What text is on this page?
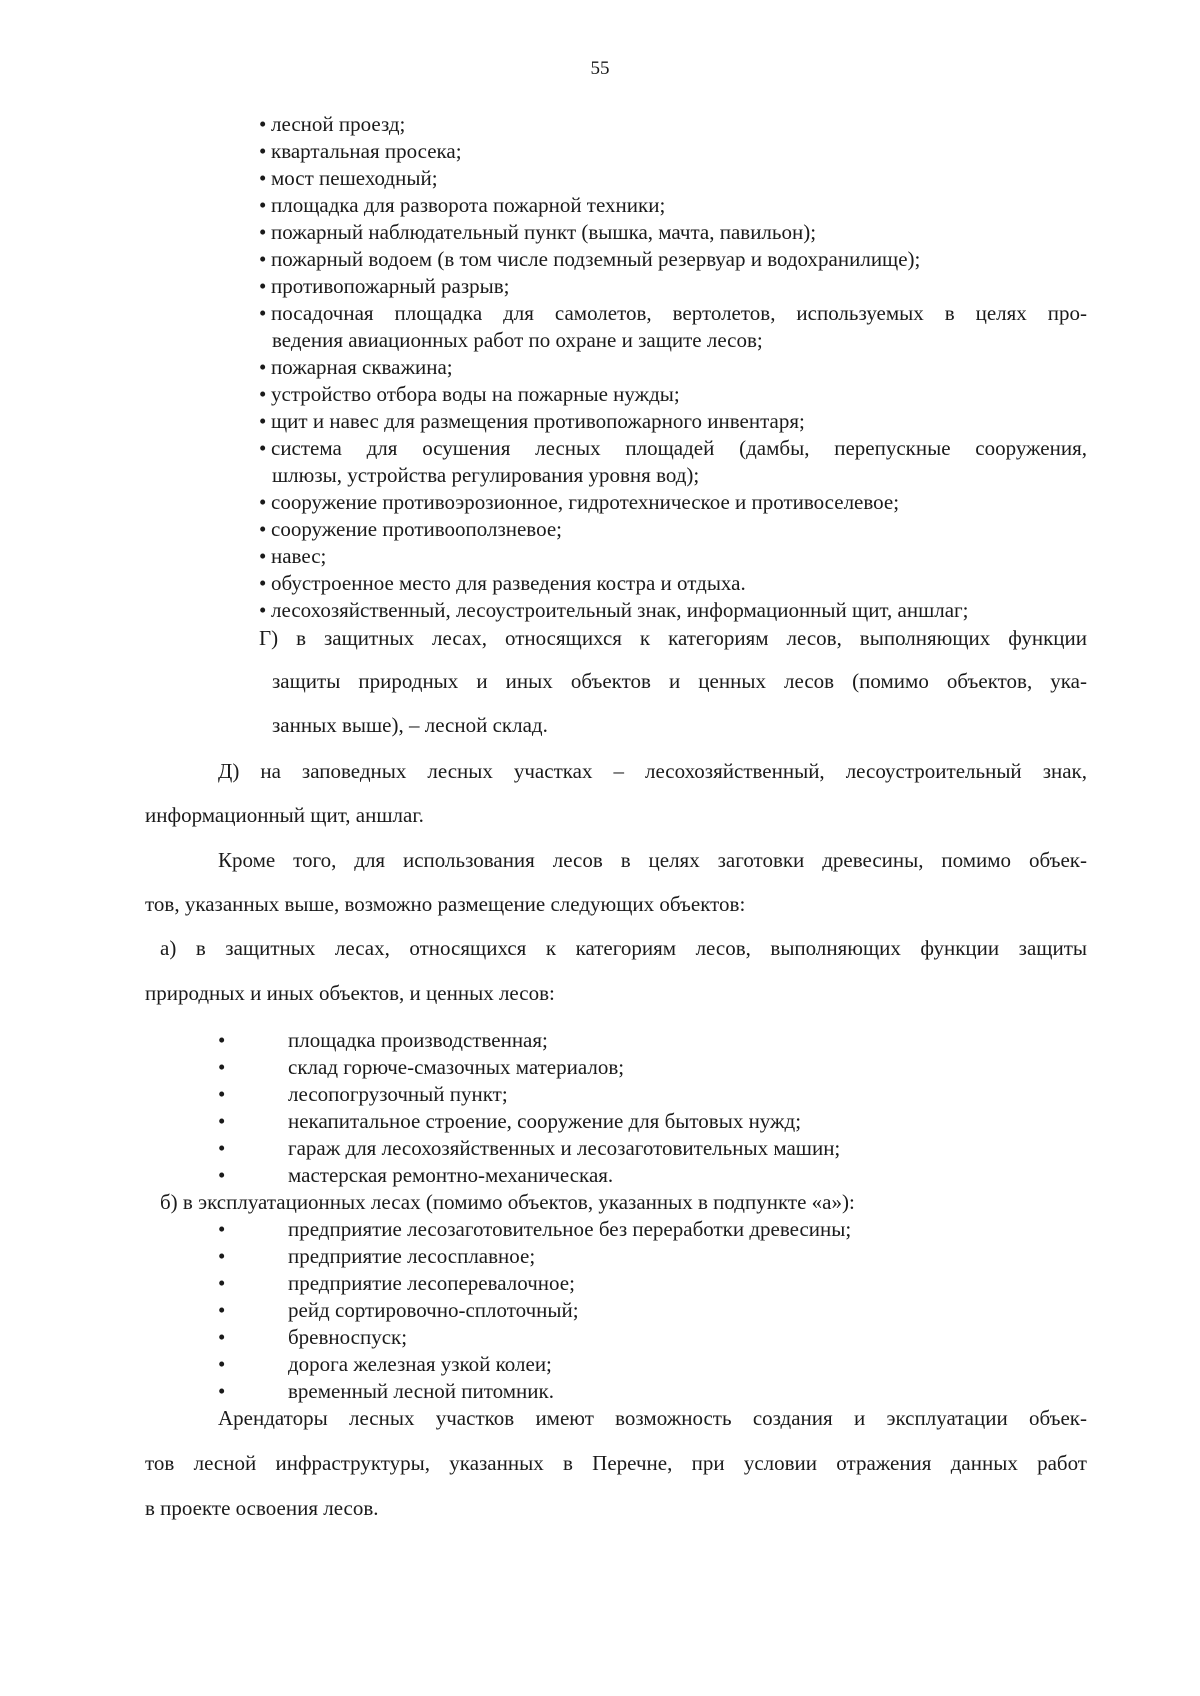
55
• лесной проезд;
• квартальная просека;
• мост пешеходный;
• площадка для разворота пожарной техники;
• пожарный наблюдательный пункт (вышка, мачта, павильон);
• пожарный водоем (в том числе подземный резервуар и водохранилище);
• противопожарный разрыв;
• посадочная площадка для самолетов, вертолетов, используемых в целях про-
ведения авиационных работ по охране и защите лесов;
• пожарная скважина;
• устройство отбора воды на пожарные нужды;
• щит и навес для размещения противопожарного инвентаря;
• система для осушения лесных площадей (дамбы, перепускные сооружения,
шлюзы, устройства регулирования уровня вод);
• сооружение противоэрозионное, гидротехническое и противоселевое;
• сооружение противооползневое;
• навес;
• обустроенное место для разведения костра и отдыха.
• лесохозяйственный, лесоустроительный знак, информационный щит, аншлаг;
Г) в защитных лесах, относящихся к категориям лесов, выполняющих функции
защиты природных и иных объектов и ценных лесов (помимо объектов, ука-
занных выше), – лесной склад.
Д) на заповедных лесных участках – лесохозяйственный, лесоустроительный знак,
информационный щит, аншлаг.
Кроме того, для использования лесов в целях заготовки древесины, помимо объек-
тов, указанных выше, возможно размещение следующих объектов:
а) в защитных лесах, относящихся к категориям лесов, выполняющих функции защиты
природных и иных объектов, и ценных лесов:
•	площадка производственная;
•	склад горюче-смазочных материалов;
•	лесопогрузочный пункт;
•	некапитальное строение, сооружение для бытовых нужд;
•	гараж для лесохозяйственных и лесозаготовительных машин;
•	мастерская ремонтно-механическая.
б) в эксплуатационных лесах (помимо объектов, указанных в подпункте «а»):
•	предприятие лесозаготовительное без переработки древесины;
•	предприятие лесосплавное;
•	предприятие лесоперевалочное;
•	рейд сортировочно-сплоточный;
•	бревноспуск;
•	дорога железная узкой колеи;
•	временный лесной питомник.
Арендаторы лесных участков имеют возможность создания и эксплуатации объек-
тов лесной инфраструктуры, указанных в Перечне, при условии отражения данных работ
в проекте освоения лесов.
